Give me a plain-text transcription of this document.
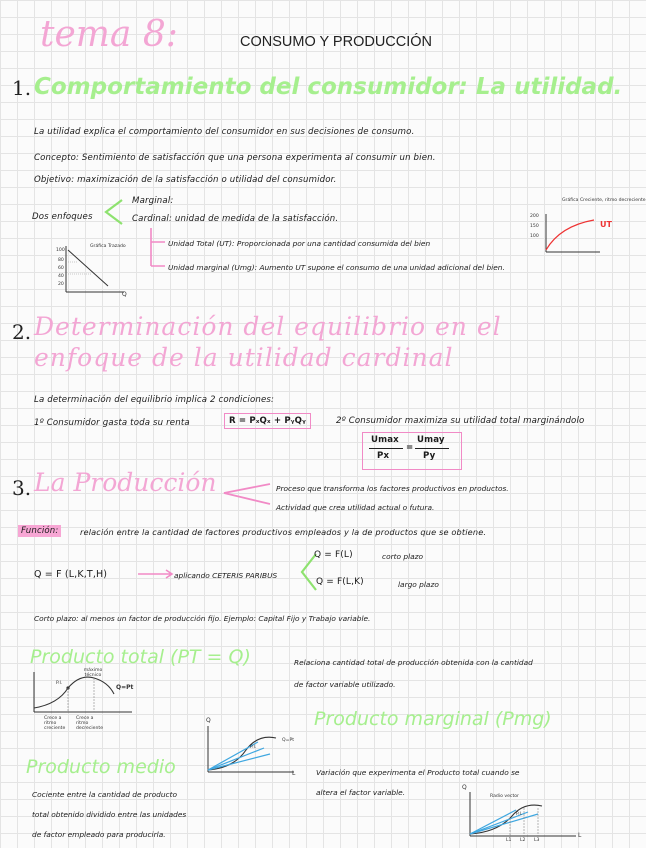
tema 8:	CONSUMO Y PRODUCCIÓN
1. Comportamiento del consumidor: La utilidad.
La utilidad explica el comportamiento del consumidor en sus decisiones de consumo.
Concepto: Sentimiento de satisfacción que una persona experimenta al consumir un bien.
Objetivo: maximización de la satisfacción o utilidad del consumidor.
Dos enfoques
Marginal:
Cardinal: unidad de medida de la satisfacción.
Unidad Total (UT): Proporcionada por una cantidad consumida del bien
Unidad marginal (Umg): Aumento UT supone el consumo de una unidad adicional del bien.
Gráfica Trazado
100
80
60
40
20
Q
Gráfica Creciente, ritmo decreciente
UT
200
150
100
2. Determinación del equilibrio en el
enfoque de la utilidad cardinal
La determinación del equilibrio implica 2 condiciones:
1º Consumidor gasta toda su renta	R = PₓQₓ + PᵧQᵧ	2º Consumidor maximiza su utilidad total marginándolo
Umax
Px
=
Umay
Py
3. La Producción	Proceso que transforma los factores productivos en productos.
Actividad que crea utilidad actual o futura.
Función:	relación entre la cantidad de factores productivos empleados y la de productos que se obtiene.
Q = F (L,K,T,H)	aplicando CETERIS PARIBUS
Q = F(L)	corto plazo
Q = F(L,K)	largo plazo
Corto plazo: al menos un factor de producción fijo. Ejemplo: Capital Fijo y Trabajo variable.
Producto total (PT = Q)	Relaciona cantidad total de producción obtenida con la cantidad
de factor variable utilizado.
máximo técnico
Q=Pt
P.I.
Crece a ritmo creciente
Crece a ritmo decreciente
Q
L
P.I.
Q=Pt
Producto marginal (Pmg)
Variación que experimenta el Producto total cuando se
altera el factor variable.
Producto medio
Cociente entre la cantidad de producto
total obtenido dividido entre las unidades
de factor empleado para producirla.
Q
L
Radio vector
P.I.
L1 L2 L3
